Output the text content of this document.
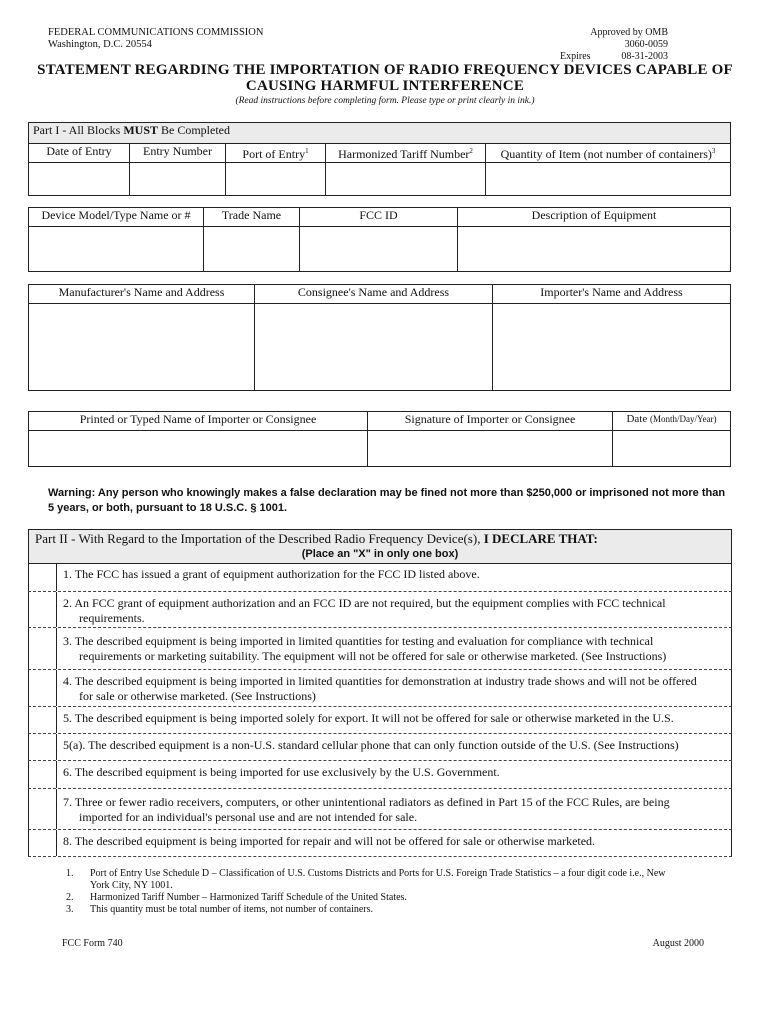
FEDERAL COMMUNICATIONS COMMISSION
Washington, D.C. 20554
Approved by OMB
3060-0059
Expires	08-31-2003
STATEMENT REGARDING THE IMPORTATION OF RADIO FREQUENCY DEVICES CAPABLE OF
CAUSING HARMFUL INTERFERENCE
(Read instructions before completing form. Please type or print clearly in ink.)
Part I - All Blocks MUST Be Completed				
Date of Entry	Entry Number	Port of Entry$^1$	Harmonized Tariff Number$^2$	Quantity of Item (not number of containers)$^3$

Device Model/Type Name or #	Trade Name	FCC ID	Description of Equipment

Manufacturer's Name and Address	Consignee's Name and Address	Importer's Name and Address

Printed or Typed Name of Importer or Consignee	Signature of Importer or Consignee	Date (Month/Day/Year)

Warning: Any person who knowingly makes a false declaration may be fined not more than $250,000 or imprisoned not more than 5 years, or both, pursuant to 18 U.S.C. § 1001.
Part II - With Regard to the Importation of the Described Radio Frequency Device(s), I DECLARE THAT:
(Place an "X" in only one box)
1. The FCC has issued a grant of equipment authorization for the FCC ID listed above.
2. An FCC grant of equipment authorization and an FCC ID are not required, but the equipment complies with FCC technical
requirements.
3. The described equipment is being imported in limited quantities for testing and evaluation for compliance with technical
requirements or marketing suitability. The equipment will not be offered for sale or otherwise marketed. (See Instructions)
4. The described equipment is being imported in limited quantities for demonstration at industry trade shows and will not be offered
for sale or otherwise marketed. (See Instructions)
5. The described equipment is being imported solely for export. It will not be offered for sale or otherwise marketed in the U.S.
5(a). The described equipment is a non-U.S. standard cellular phone that can only function outside of the U.S. (See Instructions)
6. The described equipment is being imported for use exclusively by the U.S. Government.
7. Three or fewer radio receivers, computers, or other unintentional radiators as defined in Part 15 of the FCC Rules, are being
imported for an individual's personal use and are not intended for sale.
8. The described equipment is being imported for repair and will not be offered for sale or otherwise marketed.
1.	Port of Entry Use Schedule D – Classification of U.S. Customs Districts and Ports for U.S. Foreign Trade Statistics – a four digit code i.e., New
York City, NY 1001.
2.	Harmonized Tariff Number – Harmonized Tariff Schedule of the United States.
3.	This quantity must be total number of items, not number of containers.
FCC Form 740	August 2000
